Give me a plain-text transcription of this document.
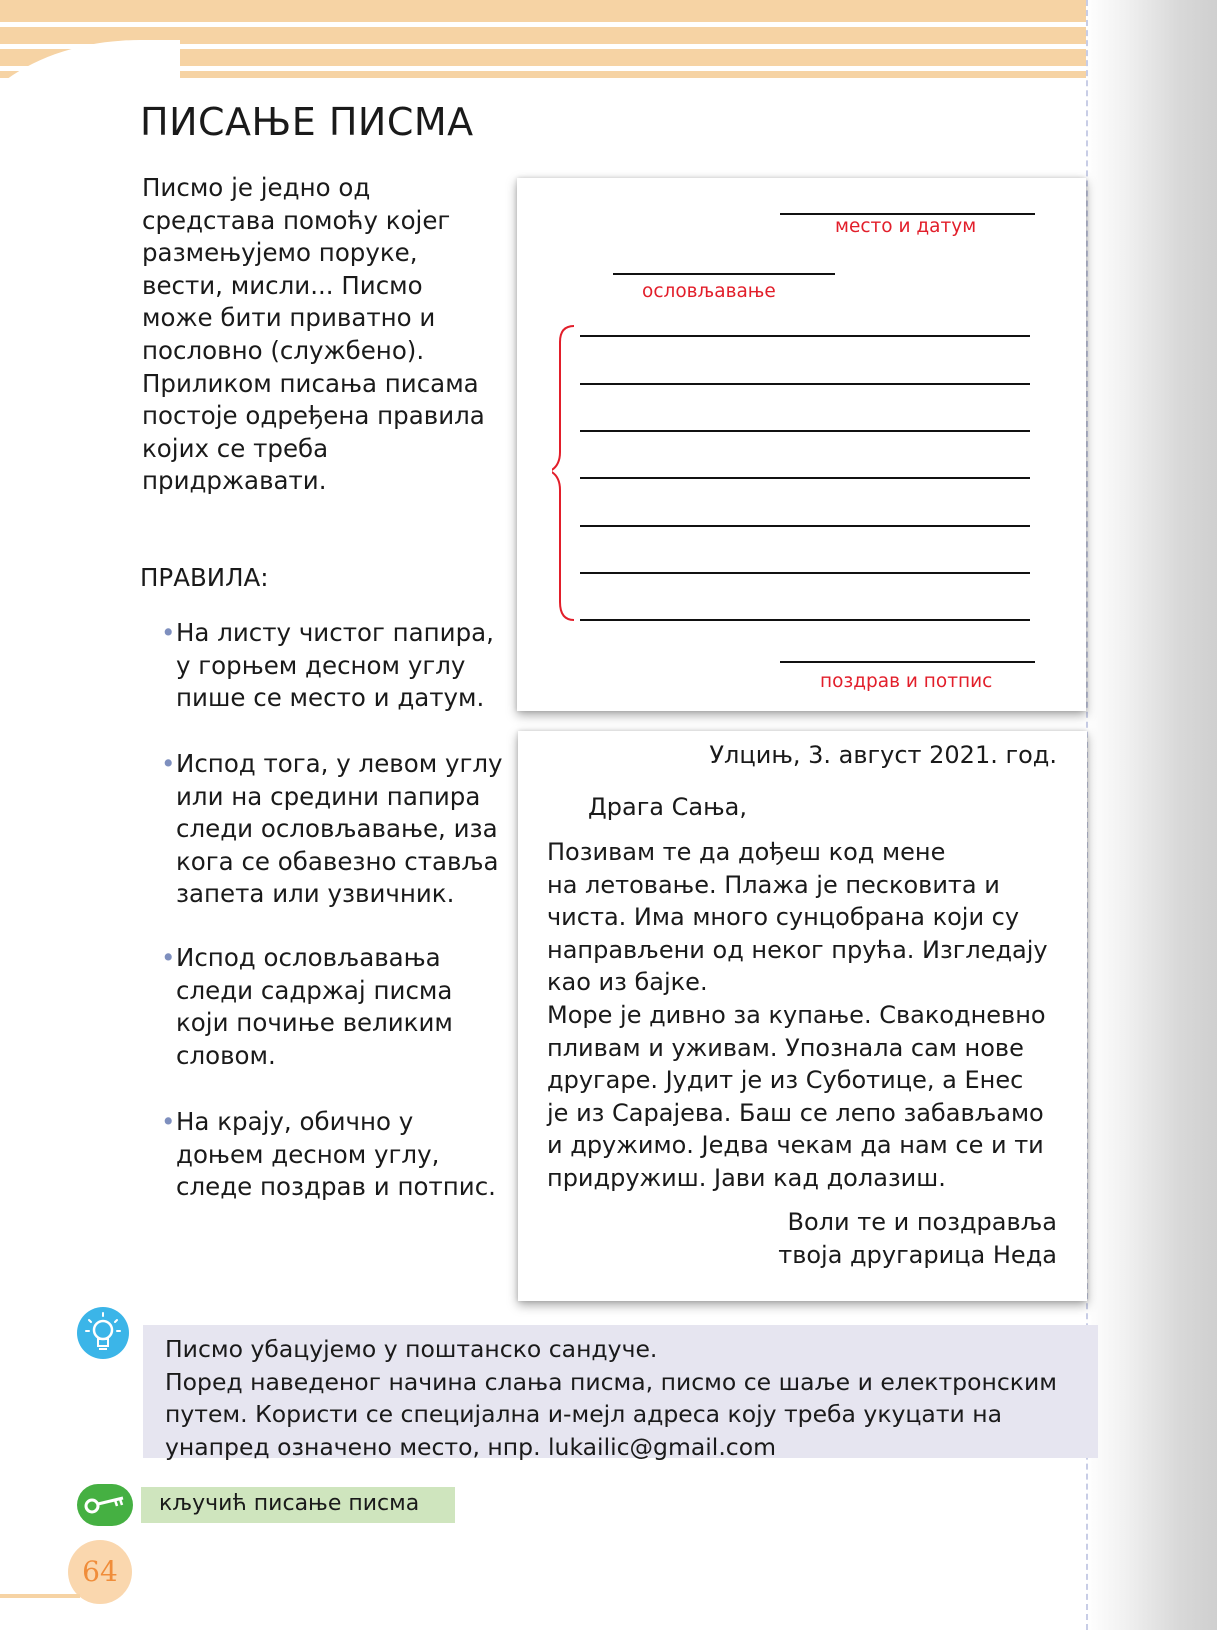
ПИСАЊЕ ПИСМА
Писмо је једно од средстава помоћу којег размењујемо поруке, вести, мисли... Писмо може бити приватно и пословно (службено). Приликом писања писама постоје одређена правила којих се треба придржавати.
ПРАВИЛА:
• На листу чистог папира, у горњем десном углу пише се место и датум.
• Испод тога, у левом углу или на средини папира следи ословљавање, иза кога се обавезно ставља запета или узвичник.
• Испод ословљавања следи садржај писма који почиње великим словом.
• На крају, обично у доњем десном углу, следе поздрав и потпис.
место и датум
ословљавање
поздрав и потпис
Улцињ, 3. август 2021. год.
Драга Сања,
Позивам те да дођеш код мене
на летовање. Плажа је песковита и
чиста. Има много сунцобрана који су
направљени од неког прућа. Изгледају
као из бајке.
Море је дивно за купање. Свакодневно
пливам и уживам. Упознала сам нове
другаре. Јудит је из Суботице, а Енес
је из Сарајева. Баш се лепо забављамо
и дружимо. Једва чекам да нам се и ти
придружиш. Јави кад долазиш.
Воли те и поздравља
твоја другарица Неда
Писмо убацујемо у поштанско сандуче.
Поред наведеног начина слања писма, писмо се шаље и електронским путем. Користи се специјална и-мејл адреса коју треба укуцати на унапред означено место, нпр. lukailic@gmail.com
кључић писање писма
64
